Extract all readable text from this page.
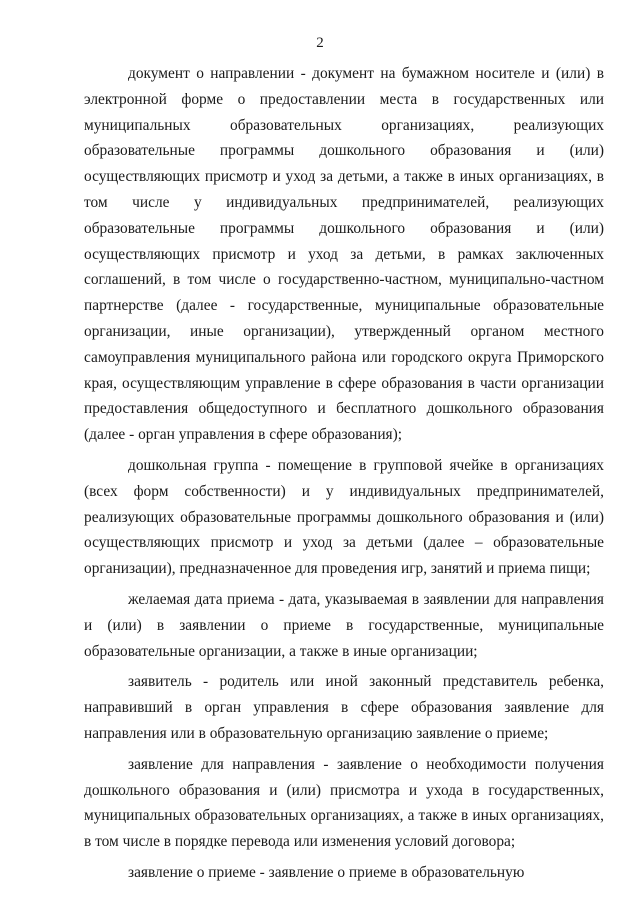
2

документ о направлении - документ на бумажном носителе и (или) в электронной форме о предоставлении места в государственных или муниципальных образовательных организациях, реализующих образовательные программы дошкольного образования и (или) осуществляющих присмотр и уход за детьми, а также в иных организациях, в том числе у индивидуальных предпринимателей, реализующих образовательные программы дошкольного образования и (или) осуществляющих присмотр и уход за детьми, в рамках заключенных соглашений, в том числе о государственно-частном, муниципально-частном партнерстве (далее - государственные, муниципальные образовательные организации, иные организации), утвержденный органом местного самоуправления муниципального района или городского округа Приморского края, осуществляющим управление в сфере образования в части организации предоставления общедоступного и бесплатного дошкольного образования (далее - орган управления в сфере образования);

дошкольная группа - помещение в групповой ячейке в организациях (всех форм собственности) и у индивидуальных предпринимателей, реализующих образовательные программы дошкольного образования и (или) осуществляющих присмотр и уход за детьми (далее – образовательные организации), предназначенное для проведения игр, занятий и приема пищи;

желаемая дата приема - дата, указываемая в заявлении для направления и (или) в заявлении о приеме в государственные, муниципальные образовательные организации, а также в иные организации;

заявитель - родитель или иной законный представитель ребенка, направивший в орган управления в сфере образования заявление для направления или в образовательную организацию заявление о приеме;

заявление для направления - заявление о необходимости получения дошкольного образования и (или) присмотра и ухода в государственных, муниципальных образовательных организациях, а также в иных организациях, в том числе в порядке перевода или изменения условий договора;

заявление о приеме - заявление о приеме в образовательную
